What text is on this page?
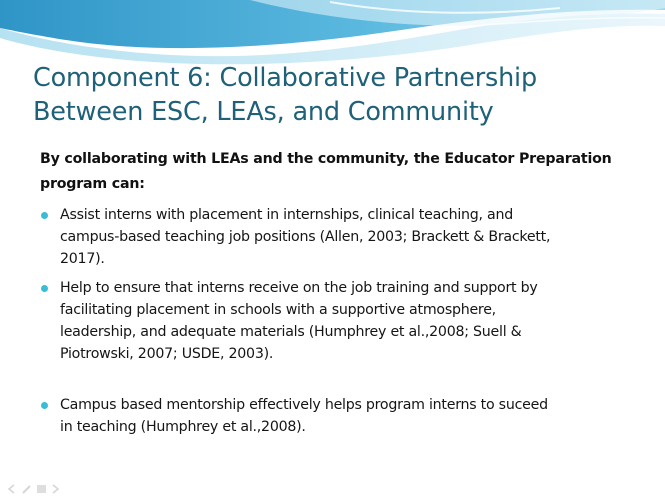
Component 6: Collaborative Partnership
Between ESC, LEAs, and Community

By collaborating with LEAs and the community, the Educator Preparation
program can:

Assist interns with placement in internships, clinical teaching, and
campus-based teaching job positions (Allen, 2003; Brackett & Brackett,
2017).
Help to ensure that interns receive on the job training and support by
facilitating placement in schools with a supportive atmosphere,
leadership, and adequate materials (Humphrey et al.,2008; Suell &
Piotrowski, 2007; USDE, 2003).
Campus based mentorship effectively helps program interns to suceed
in teaching (Humphrey et al.,2008).
